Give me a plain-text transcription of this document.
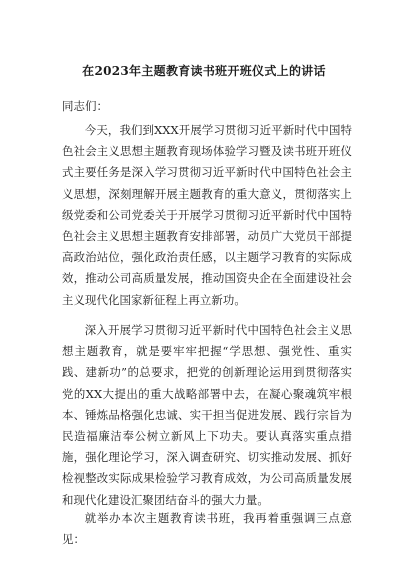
在2023年主题教育读书班开班仪式上的讲话
同志们：
今天，我们到XXX开展学习贯彻习近平新时代中国特色社会主义思想主题教育现场体验学习暨及读书班开班仪式主要任务是深入学习贯彻习近平新时代中国特色社会主义思想，深刻理解开展主题教育的重大意义，贯彻落实上级党委和公司党委关于开展学习贯彻习近平新时代中国特色社会主义思想主题教育安排部署，动员广大党员干部提高政治站位，强化政治责任感，以主题学习教育的实际成效，推动公司高质量发展，推动国资央企在全面建设社会主义现代化国家新征程上再立新功。
深入开展学习贯彻习近平新时代中国特色社会主义思想主题教育，就是要牢牢把握“学思想、强党性、重实践、建新功”的总要求，把党的创新理论运用到贯彻落实党的XX大提出的重大战略部署中去，在凝心聚魂筑牢根本、锤炼品格强化忠诚、实干担当促进发展、践行宗旨为民造福廉洁奉公树立新风上下功夫。要认真落实重点措施，强化理论学习，深入调查研究、切实推动发展、抓好检视整改实际成果检验学习教育成效，为公司高质量发展和现代化建设汇聚团结奋斗的强大力量。
就举办本次主题教育读书班，我再着重强调三点意见：
